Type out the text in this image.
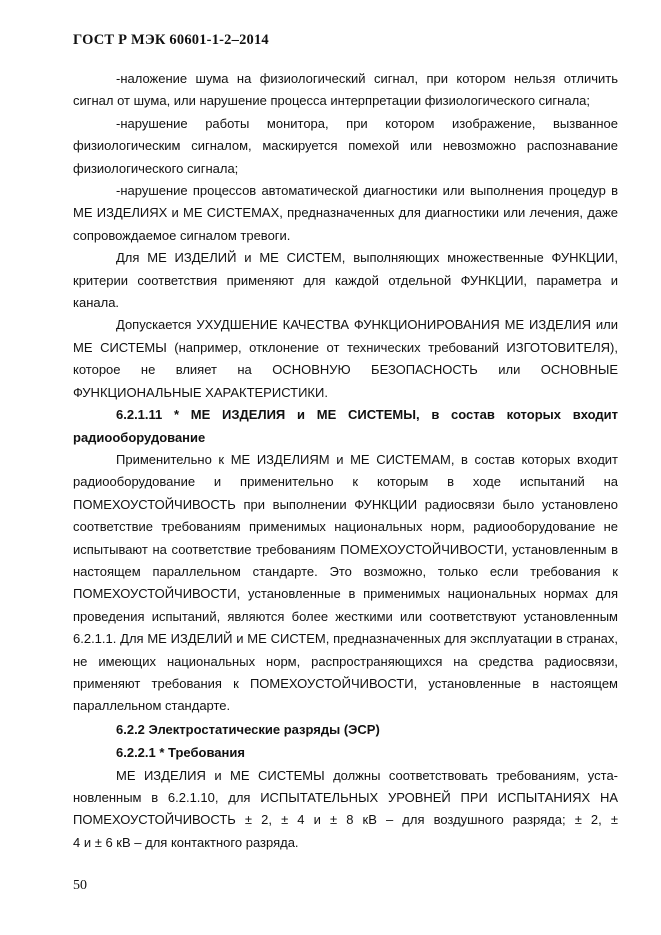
ГОСТ Р МЭК 60601-1-2–2014

-наложение шума на физиологический сигнал, при котором нельзя отличить сигнал от шума, или нарушение процесса интерпретации физиологического сигнала;

-нарушение работы монитора, при котором изображение, вызванное физиологическим сигналом, маскируется помехой или невозможно распознавание физиологического сигнала;

-нарушение процессов автоматической диагностики или выполнения процедур в МЕ ИЗДЕЛИЯХ и МЕ СИСТЕМАХ, предназначенных для диагностики или лечения, даже сопровождаемое сигналом тревоги.

Для МЕ ИЗДЕЛИЙ и МЕ СИСТЕМ, выполняющих множественные ФУНКЦИИ, критерии соответствия применяют для каждой отдельной ФУНКЦИИ, параметра и канала.

Допускается УХУДШЕНИЕ КАЧЕСТВА ФУНКЦИОНИРОВАНИЯ МЕ ИЗДЕЛИЯ или МЕ СИСТЕМЫ (например, отклонение от технических требований ИЗГОТОВИТЕЛЯ), которое не влияет на ОСНОВНУЮ БЕЗОПАСНОСТЬ или ОСНОВНЫЕ ФУНКЦИОНАЛЬНЫЕ ХАРАКТЕРИСТИКИ.

6.2.1.11 * МЕ ИЗДЕЛИЯ и МЕ СИСТЕМЫ, в состав которых входит радиооборудование

Применительно к МЕ ИЗДЕЛИЯМ и МЕ СИСТЕМАМ, в состав которых входит радиооборудование и применительно к которым в ходе испытаний на ПОМЕХОУСТОЙЧИВОСТЬ при выполнении ФУНКЦИИ радиосвязи было установлено соответствие требованиям применимых национальных норм, радиооборудование не испытывают на соответствие требованиям ПОМЕХОУСТОЙЧИВОСТИ, установленным в настоящем параллельном стандарте. Это возможно, только если требования к ПОМЕХОУСТОЙЧИВОСТИ, установленные в применимых национальных нормах для проведения испытаний, являются более жесткими или соответствуют установленным 6.2.1.1. Для МЕ ИЗДЕЛИЙ и МЕ СИСТЕМ, предназначенных для эксплуатации в странах, не имеющих национальных норм, распространяющихся на средства радиосвязи, применяют требования к ПОМЕХОУСТОЙЧИВОСТИ, установленные в настоящем параллельном стандарте.

6.2.2 Электростатические разряды (ЭСР)

6.2.2.1 * Требования

МЕ ИЗДЕЛИЯ и МЕ СИСТЕМЫ должны соответствовать требованиям, уста-
новленным в 6.2.1.10, для ИСПЫТАТЕЛЬНЫХ УРОВНЕЙ ПРИ ИСПЫТАНИЯХ НА
ПОМЕХОУСТОЙЧИВОСТЬ ± 2, ± 4 и ± 8 кВ – для воздушного разряда; ± 2, ±
4 и ± 6 кВ – для контактного разряда.

50
